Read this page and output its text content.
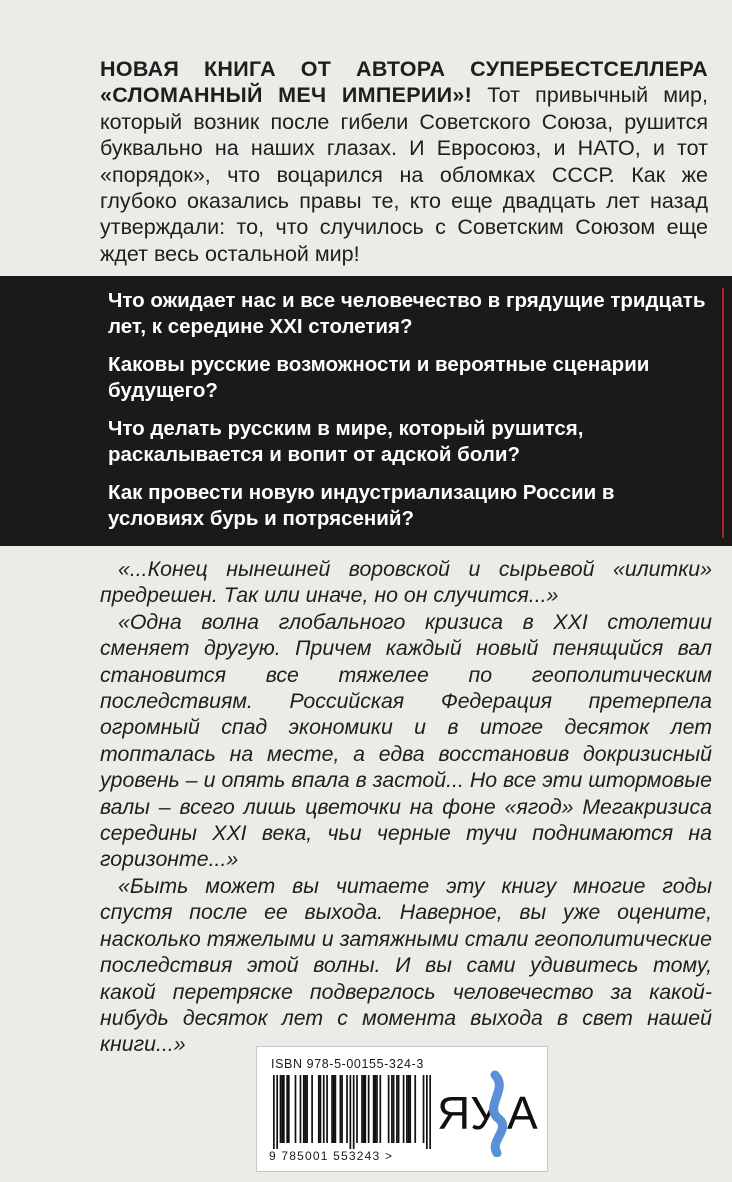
НОВАЯ КНИГА ОТ АВТОРА СУПЕРБЕСТСЕЛЛЕРА «СЛОМАННЫЙ МЕЧ ИМПЕРИИ»! Тот привычный мир, который возник после гибели Советского Союза, рушится буквально на наших глазах. И Евросоюз, и НАТО, и тот «порядок», что воцарился на обломках СССР. Как же глубоко оказались правы те, кто еще двадцать лет назад утверждали: то, что случилось с Советским Союзом еще ждет весь остальной мир!

Что ожидает нас и все человечество в грядущие тридцать лет, к середине XXI столетия?

Каковы русские возможности и вероятные сценарии будущего?

Что делать русским в мире, который рушится, раскалывается и вопит от адской боли?

Как провести новую индустриализацию России в условиях бурь и потрясений?

«...Конец нынешней воровской и сырьевой «илитки» предрешен. Так или иначе, но он случится...»

«Одна волна глобального кризиса в XXI столетии сменяет другую. Причем каждый новый пенящийся вал становится все тяжелее по геополитическим последствиям. Российская Федерация претерпела огромный спад экономики и в итоге десяток лет топталась на месте, а едва восстановив докризисный уровень – и опять впала в застой... Но все эти штормовые валы – всего лишь цветочки на фоне «ягод» Мегакризиса середины XXI века, чьи черные тучи поднимаются на горизонте...»

«Быть может вы читаете эту книгу многие годы спустя после ее выхода. Наверное, вы уже оцените, насколько тяжелыми и затяжными стали геополитические последствия этой волны. И вы сами удивитесь тому, какой перетряске подверглось человечество за какой-нибудь десяток лет с момента выхода в свет нашей книги...»

ISBN 978-5-00155-324-3
9 785001 553243 >
ЯУ А
